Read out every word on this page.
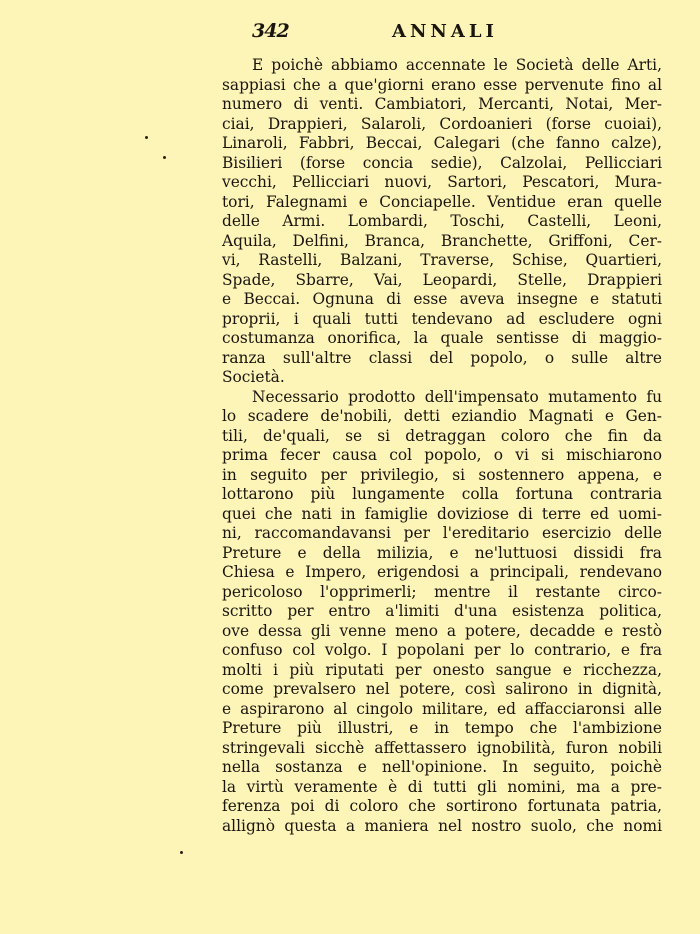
342	ANNALI
E poichè abbiamo accennate le Società delle Arti,
sappiasi che a que'giorni erano esse pervenute fino al
numero di venti. Cambiatori, Mercanti, Notai, Mer-
ciai, Drappieri, Salaroli, Cordoanieri (forse cuoiai),
Linaroli, Fabbri, Beccai, Calegari (che fanno calze),
Bisilieri (forse concia sedie), Calzolai, Pellicciari
vecchi, Pellicciari nuovi, Sartori, Pescatori, Mura-
tori, Falegnami e Conciapelle. Ventidue eran quelle
delle Armi. Lombardi, Toschi, Castelli, Leoni,
Aquila, Delfini, Branca, Branchette, Griffoni, Cer-
vi, Rastelli, Balzani, Traverse, Schise, Quartieri,
Spade, Sbarre, Vai, Leopardi, Stelle, Drappieri
e Beccai. Ognuna di esse aveva insegne e statuti
proprii, i quali tutti tendevano ad escludere ogni
costumanza onorifica, la quale sentisse di maggio-
ranza sull'altre classi del popolo, o sulle altre
Società.
Necessario prodotto dell'impensato mutamento fu
lo scadere de'nobili, detti eziandio Magnati e Gen-
tili, de'quali, se si detraggan coloro che fin da
prima fecer causa col popolo, o vi si mischiarono
in seguito per privilegio, si sostennero appena, e
lottarono più lungamente colla fortuna contraria
quei che nati in famiglie doviziose di terre ed uomi-
ni, raccomandavansi per l'ereditario esercizio delle
Preture e della milizia, e ne'luttuosi dissidi fra
Chiesa e Impero, erigendosi a principali, rendevano
pericoloso l'opprimerli; mentre il restante circo-
scritto per entro a'limiti d'una esistenza politica,
ove dessa gli venne meno a potere, decadde e restò
confuso col volgo. I popolani per lo contrario, e fra
molti i più riputati per onesto sangue e ricchezza,
come prevalsero nel potere, così salirono in dignità,
e aspirarono al cingolo militare, ed affacciaronsi alle
Preture più illustri, e in tempo che l'ambizione
stringevali sicchè affettassero ignobilità, furon nobili
nella sostanza e nell'opinione. In seguito, poichè
la virtù veramente è di tutti gli nomini, ma a pre-
ferenza poi di coloro che sortirono fortunata patria,
allignò questa a maniera nel nostro suolo, che nomi
